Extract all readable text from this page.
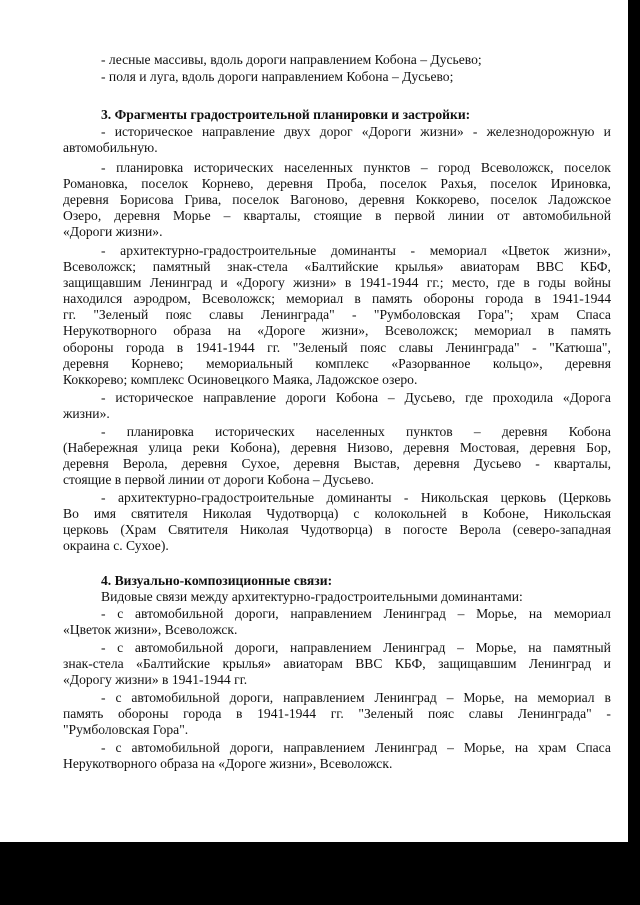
- лесные массивы, вдоль дороги направлением Кобона – Дусьево;
- поля и луга, вдоль дороги направлением Кобона – Дусьево;
3. Фрагменты градостроительной планировки и застройки:
- историческое направление двух дорог «Дороги жизни» - железнодорожную и
автомобильную.
- планировка исторических населенных пунктов – город Всеволожск, поселок
Романовка, поселок Корнево, деревня Проба, поселок Рахья, поселок Ириновка,
деревня Борисова Грива, поселок Вагоново, деревня Коккорево, поселок Ладожское
Озеро, деревня Морье – кварталы, стоящие в первой линии от автомобильной
«Дороги жизни».
- архитектурно-градостроительные доминанты - мемориал «Цветок жизни»,
Всеволожск; памятный знак-стела «Балтийские крылья» авиаторам ВВС КБФ,
защищавшим Ленинград и «Дорогу жизни» в 1941-1944 гг.; место, где в годы войны
находился аэродром, Всеволожск; мемориал в память обороны города в 1941-1944
гг. "Зеленый пояс славы Ленинграда" - "Румболовская Гора"; храм Спаса
Нерукотворного образа на «Дороге жизни», Всеволожск; мемориал в память
обороны города в 1941-1944 гг. "Зеленый пояс славы Ленинграда" - "Катюша",
деревня Корнево; мемориальный комплекс «Разорванное кольцо», деревня
Коккорево; комплекс Осиновецкого Маяка, Ладожское озеро.
- историческое направление дороги Кобона – Дусьево, где проходила «Дорога
жизни».
- планировка исторических населенных пунктов – деревня Кобона
(Набережная улица реки Кобона), деревня Низово, деревня Мостовая, деревня Бор,
деревня Верола, деревня Сухое, деревня Выстав, деревня Дусьево - кварталы,
стоящие в первой линии от дороги Кобона – Дусьево.
- архитектурно-градостроительные доминанты - Никольская церковь (Церковь
Во имя святителя Николая Чудотворца) с колокольней в Кобоне, Никольская
церковь (Храм Святителя Николая Чудотворца) в погосте Верола (северо-западная
окраина с. Сухое).
4. Визуально-композиционные связи:
Видовые связи между архитектурно-градостроительными доминантами:
- с автомобильной дороги, направлением Ленинград – Морье, на мемориал
«Цветок жизни», Всеволожск.
- с автомобильной дороги, направлением Ленинград – Морье, на памятный
знак-стела «Балтийские крылья» авиаторам ВВС КБФ, защищавшим Ленинград и
«Дорогу жизни» в 1941-1944 гг.
- с автомобильной дороги, направлением Ленинград – Морье, на мемориал в
память обороны города в 1941-1944 гг. "Зеленый пояс славы Ленинграда" -
"Румболовская Гора".
- с автомобильной дороги, направлением Ленинград – Морье, на храм Спаса
Нерукотворного образа на «Дороге жизни», Всеволожск.
